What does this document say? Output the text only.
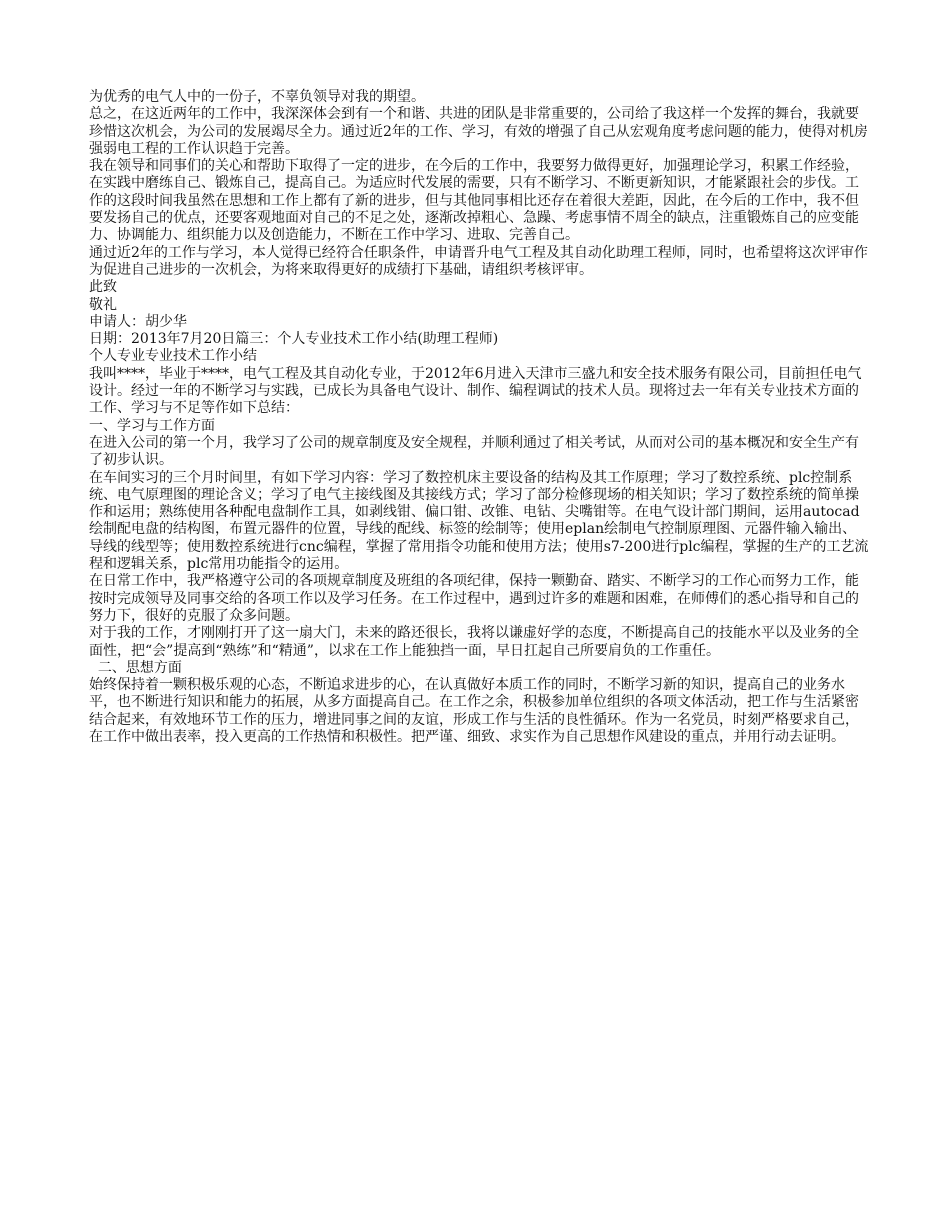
为优秀的电气人中的一份子，不辜负领导对我的期望。

总之，在这近两年的工作中，我深深体会到有一个和谐、共进的团队是非常重要的，公司给了我这样一个发挥的舞台，我就要珍惜这次机会，为公司的发展竭尽全力。通过近2年的工作、学习，有效的增强了自己从宏观角度考虑问题的能力，使得对机房强弱电工程的工作认识趋于完善。

我在领导和同事们的关心和帮助下取得了一定的进步，在今后的工作中，我要努力做得更好，加强理论学习，积累工作经验，在实践中磨练自己、锻炼自己，提高自己。为适应时代发展的需要，只有不断学习、不断更新知识，才能紧跟社会的步伐。工作的这段时间我虽然在思想和工作上都有了新的进步，但与其他同事相比还存在着很大差距，因此，在今后的工作中，我不但要发扬自己的优点，还要客观地面对自己的不足之处，逐渐改掉粗心、急躁、考虑事情不周全的缺点，注重锻炼自己的应变能力、协调能力、组织能力以及创造能力，不断在工作中学习、进取、完善自己。

通过近2年的工作与学习，本人觉得已经符合任职条件，申请晋升电气工程及其自动化助理工程师，同时，也希望将这次评审作为促进自己进步的一次机会，为将来取得更好的成绩打下基础，请组织考核评审。

此致

敬礼

申请人：胡少华

日期：2013年7月20日篇三：个人专业技术工作小结(助理工程师)

个人专业专业技术工作小结

我叫****，毕业于****，电气工程及其自动化专业，于2012年6月进入天津市三盛九和安全技术服务有限公司，目前担任电气设计。经过一年的不断学习与实践，已成长为具备电气设计、制作、编程调试的技术人员。现将过去一年有关专业技术方面的工作、学习与不足等作如下总结：

一、学习与工作方面

在进入公司的第一个月，我学习了公司的规章制度及安全规程，并顺利通过了相关考试，从而对公司的基本概况和安全生产有了初步认识。

在车间实习的三个月时间里，有如下学习内容：学习了数控机床主要设备的结构及其工作原理；学习了数控系统、plc控制系统、电气原理图的理论含义；学习了电气主接线图及其接线方式；学习了部分检修现场的相关知识；学习了数控系统的简单操作和运用；熟练使用各种配电盘制作工具，如剥线钳、偏口钳、改锥、电钻、尖嘴钳等。在电气设计部门期间，运用autocad绘制配电盘的结构图，布置元器件的位置，导线的配线、标签的绘制等；使用eplan绘制电气控制原理图、元器件输入输出、导线的线型等；使用数控系统进行cnc编程，掌握了常用指令功能和使用方法；使用s7-200进行plc编程，掌握的生产的工艺流程和逻辑关系，plc常用功能指令的运用。

在日常工作中，我严格遵守公司的各项规章制度及班组的各项纪律，保持一颗勤奋、踏实、不断学习的工作心而努力工作，能按时完成领导及同事交给的各项工作以及学习任务。在工作过程中，遇到过许多的难题和困难，在师傅们的悉心指导和自己的努力下，很好的克服了众多问题。

对于我的工作，才刚刚打开了这一扇大门，未来的路还很长，我将以谦虚好学的态度，不断提高自己的技能水平以及业务的全面性，把“会”提高到“熟练”和“精通”，以求在工作上能独挡一面，早日扛起自己所要肩负的工作重任。

二、思想方面

始终保持着一颗积极乐观的心态，不断追求进步的心，在认真做好本质工作的同时，不断学习新的知识，提高自己的业务水平，也不断进行知识和能力的拓展，从多方面提高自己。在工作之余，积极参加单位组织的各项文体活动，把工作与生活紧密结合起来，有效地环节工作的压力，增进同事之间的友谊，形成工作与生活的良性循环。作为一名党员，时刻严格要求自己，在工作中做出表率，投入更高的工作热情和积极性。把严谨、细致、求实作为自己思想作风建设的重点，并用行动去证明。
